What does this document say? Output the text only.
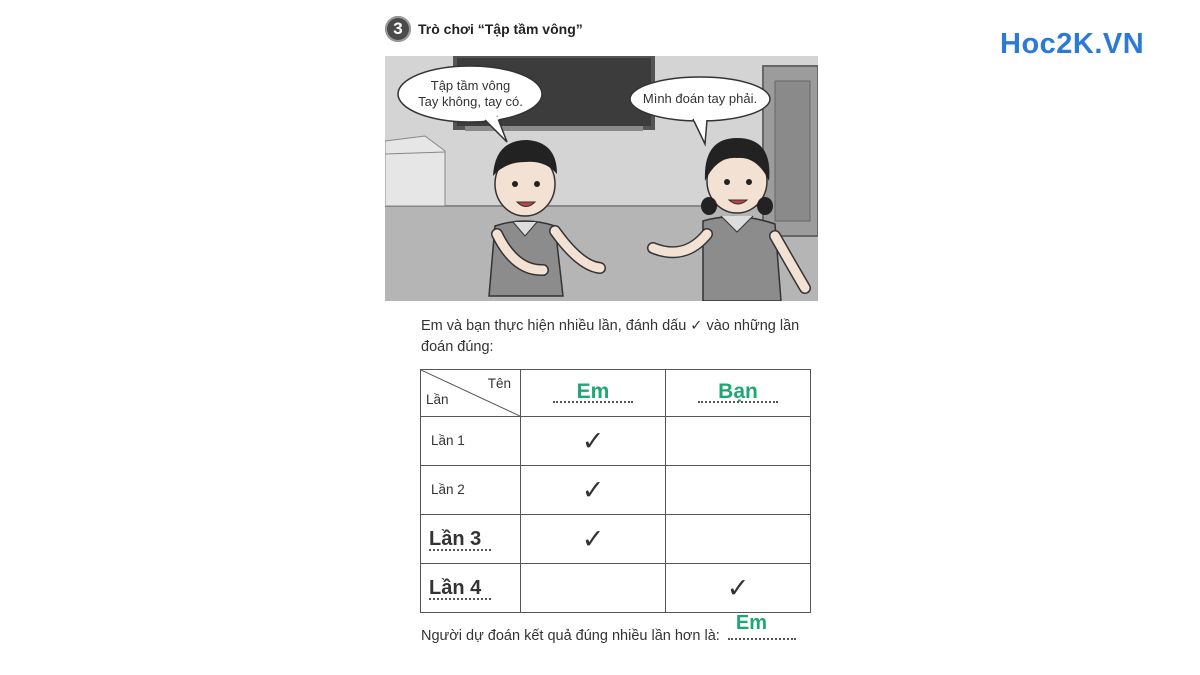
Hoc2K.VN
3	Trò chơi “Tập tầm vông”
Tập tầm vông
Tay không, tay có.	Mình đoán tay phải.
Em và bạn thực hiện nhiều lần, đánh dấu ✓ vào những lần đoán đúng:
Tên
Lần	Em	Bạn

Lần 1	✓	
Lần 2	✓	
Lần 3	✓	
Lần 4		✓
Người dự đoán kết quả đúng nhiều lần hơn là:
Em
